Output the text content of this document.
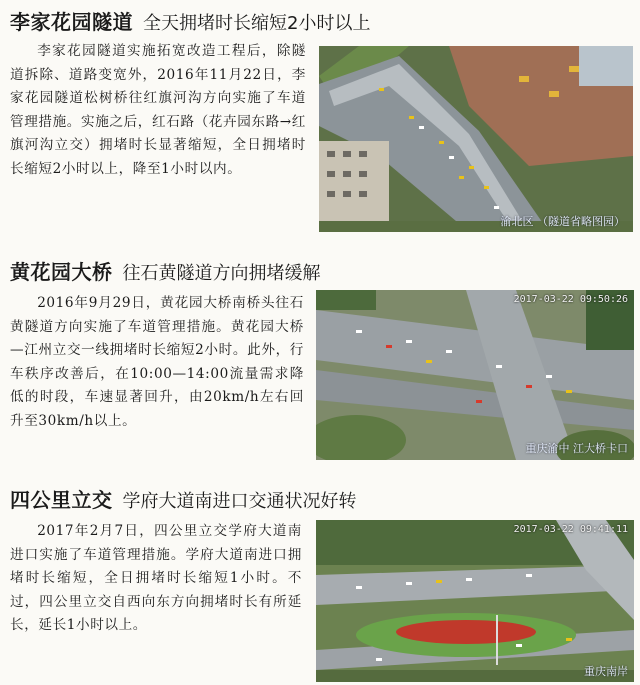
李家花园隧道 全天拥堵时长缩短2小时以上
李家花园隧道实施拓宽改造工程后，除隧道拆除、道路变宽外，2016年11月22日，李家花园隧道松树桥往红旗河沟方向实施了车道管理措施。实施之后，红石路（花卉园东路→红旗河沟立交）拥堵时长显著缩短，全日拥堵时长缩短2小时以上，降至1小时以内。
渝北区 （隧道省略图园）
黄花园大桥 往石黄隧道方向拥堵缓解
2016年9月29日，黄花园大桥南桥头往石黄隧道方向实施了车道管理措施。黄花园大桥—江州立交一线拥堵时长缩短2小时。此外，行车秩序改善后，在10:00—14:00流量需求降低的时段，车速显著回升，由20km/h左右回升至30km/h以上。
2017-03-22 09:50:26
重庆渝中 江大桥卡口
四公里立交 学府大道南进口交通状况好转
2017年2月7日，四公里立交学府大道南进口实施了车道管理措施。学府大道南进口拥堵时长缩短，全日拥堵时长缩短1小时。不过，四公里立交自西向东方向拥堵时长有所延长，延长1小时以上。
2017-03-22 09:41:11
重庆南岸
